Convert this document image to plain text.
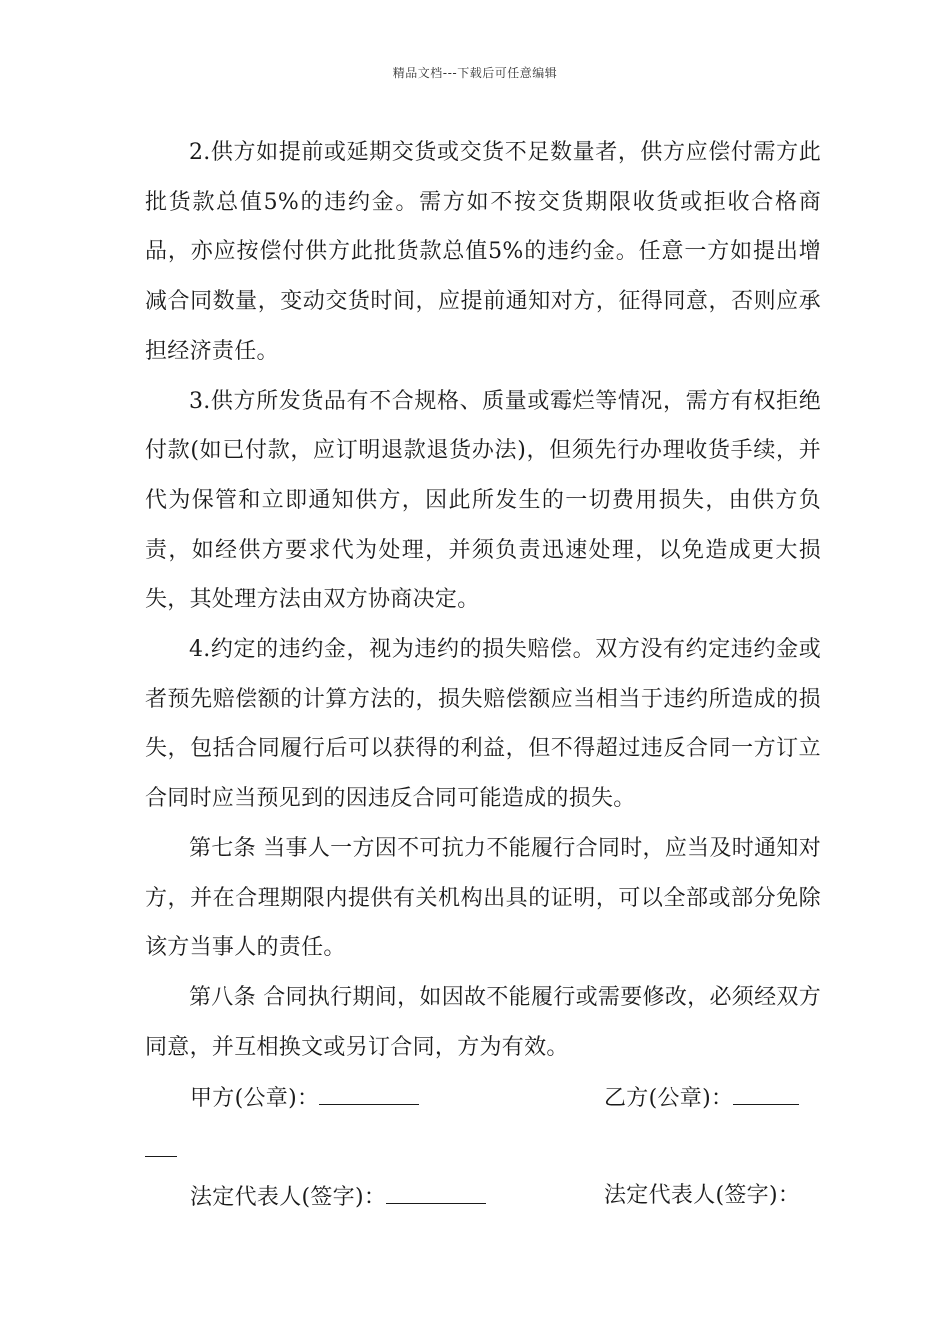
精品文档---下载后可任意编辑

2.供方如提前或延期交货或交货不足数量者，供方应偿付需方此批货款总值5%的违约金。需方如不按交货期限收货或拒收合格商品，亦应按偿付供方此批货款总值5%的违约金。任意一方如提出增减合同数量，变动交货时间，应提前通知对方，征得同意，否则应承担经济责任。

3.供方所发货品有不合规格、质量或霉烂等情况，需方有权拒绝付款(如已付款，应订明退款退货办法)，但须先行办理收货手续，并代为保管和立即通知供方，因此所发生的一切费用损失，由供方负责，如经供方要求代为处理，并须负责迅速处理，以免造成更大损失，其处理方法由双方协商决定。

4.约定的违约金，视为违约的损失赔偿。双方没有约定违约金或者预先赔偿额的计算方法的，损失赔偿额应当相当于违约所造成的损失，包括合同履行后可以获得的利益，但不得超过违反合同一方订立合同时应当预见到的因违反合同可能造成的损失。

第七条 当事人一方因不可抗力不能履行合同时，应当及时通知对方，并在合理期限内提供有关机构出具的证明，可以全部或部分免除该方当事人的责任。

第八条 合同执行期间，如因故不能履行或需要修改，必须经双方同意，并互相换文或另订合同，方为有效。

甲方(公章)：	乙方(公章)：
法定代表人(签字)：	法定代表人(签字)：
